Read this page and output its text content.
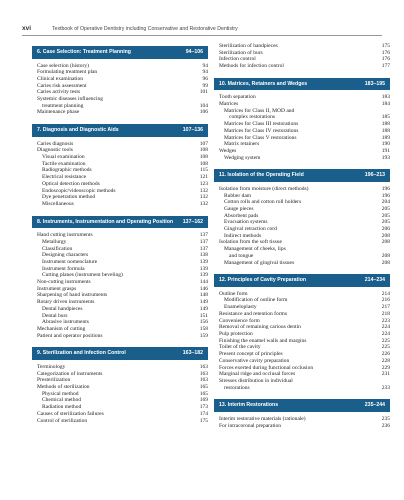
xvi	Textbook of Operative Dentistry including Conservative and Restorative Dentistry
6. Case Selection: Treatment Planning	94–106
Case selection (history)	94
Formulating treatment plan	94
Clinical examination	96
Caries risk assessment	99
Caries activity tests	101
Systemic diseases influencing
treatment planning	104
Maintenance phase	106
7. Diagnosis and Diagnostic Aids	107–136
Caries diagnosis	107
Diagnostic tools	108
Visual examination	108
Tactile examination	108
Radiographic methods	115
Electrical resistance	121
Optical detection methods	123
Endoscopic/videoscopic methods	132
Dye penetration method	132
Miscellaneous	132
8. Instruments, Instrumentation and Operating Position	137–162
Hand cutting instruments	137
Metallurgy	137
Classification	137
Designing characters	138
Instrument nomenclature	139
Instrument formula	139
Cutting planes (instrument beveling)	139
Non-cutting instruments	144
Instrument grasps	146
Sharpening of hand instruments	148
Rotary driven instruments	149
Dental handpieces	149
Dental burs	151
Abrasive instruments	156
Mechanism of cutting	158
Patient and operator positions	159
9. Sterilization and Infection Control	163–182
Terminology	163
Categorization of instruments	163
Presterilization	163
Methods of sterilization	165
Physical method	165
Chemical method	169
Radiation method	173
Causes of sterilization failures	174
Control of sterilization	175
Sterilization of handpieces	175
Sterilization of burs	176
Infection control	176
Methods for infection control	177
10. Matrices, Retainers and Wedges	183–195
Tooth separation	183
Matrices	184
Matrices for Class II, MOD and
complex restorations	185
Matrices for Class III restorations	188
Matrices for Class IV restorations	188
Matrices for Class V restorations	189
Matrix retainers	190
Wedges	191
Wedging system	193
11. Isolation of the Operating Field	196–213
Isolation from moisture (direct methods)	196
Rubber dam	196
Cotton rolls and cotton roll holders	204
Gauge pieces	205
Absorbent pads	205
Evacuation systems	205
Gingival retraction cord	206
Indirect methods	208
Isolation from the soft tissue	208
Management of cheeks, lips
and tongue	208
Management of gingival tissues	208
12. Principles of Cavity Preparation	214–234
Outline form	214
Modification of outline form	216
Enameloplasty	217
Resistance and retention forms	218
Convenience form	223
Removal of remaining carious dentin	224
Pulp protection	224
Finishing the enamel walls and margins	225
Toilet of the cavity	225
Present concept of principles	226
Conservative cavity preparation	228
Forces exerted during functional occlusion	229
Marginal ridge and occlusal forces	231
Stresses distribution in individual
restorations	233
13. Interim Restorations	235–244
Interim restorative materials (rationale)	235
For intracoronal preparation	236
